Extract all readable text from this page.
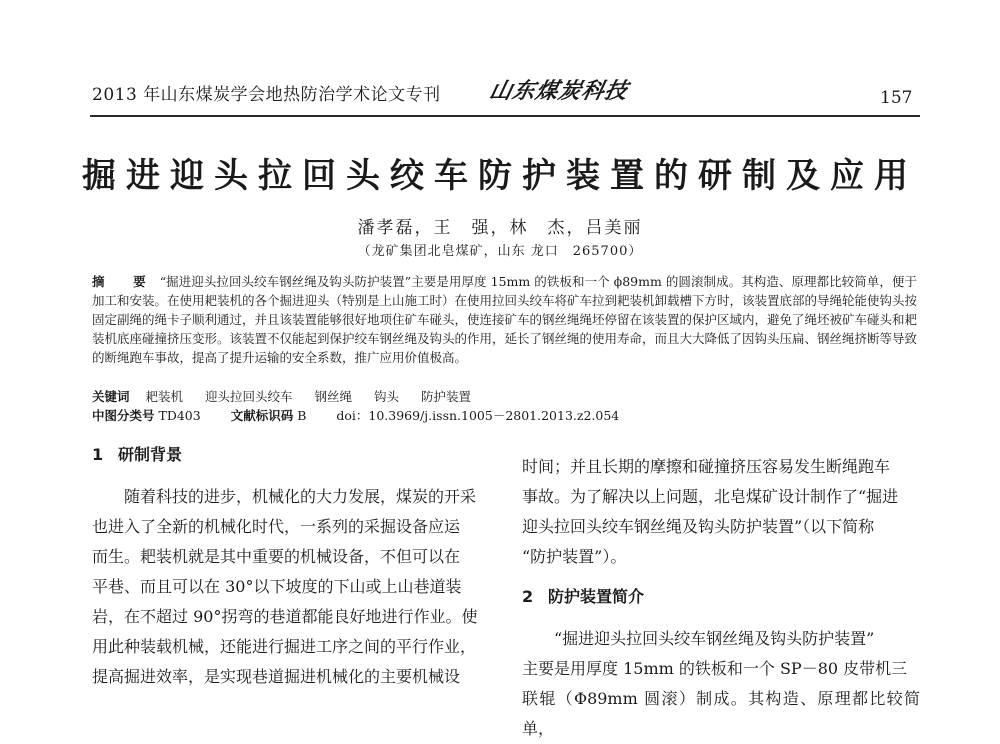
2013 年山东煤炭学会地热防治学术论文专刊 山东煤炭科技	157
掘进迎头拉回头绞车防护装置的研制及应用
潘孝磊，王　强，林　杰，吕美丽
（龙矿集团北皂煤矿，山东 龙口　265700）
摘　要 “掘进迎头拉回头绞车钢丝绳及钩头防护装置”主要是用厚度 15mm 的铁板和一个 ϕ89mm 的圆滚制成。其构造、原理都比较简单，便于加工和安装。在使用耙装机的各个掘进迎头（特别是上山施工时）在使用拉回头绞车将矿车拉到耙装机卸载槽下方时，该装置底部的导绳轮能使钩头按固定副绳的绳卡子顺利通过，并且该装置能够很好地项住矿车碰头，使连接矿车的钢丝绳绳坯停留在该装置的保护区域内，避免了绳坯被矿车碰头和耙装机底座碰撞挤压变形。该装置不仅能起到保护绞车钢丝绳及钩头的作用，延长了钢丝绳的使用寿命，而且大大降低了因钩头压扁、钢丝绳挤断等导致的断绳跑车事故，提高了提升运输的安全系数，推广应用价值极高。
关键词 耙装机 迎头拉回头绞车 钢丝绳 钩头 防护装置
中图分类号 TD403 文献标识码 B doi：10.3969/j.issn.1005－2801.2013.z2.054
1 研制背景

随着科技的进步，机械化的大力发展，煤炭的开采

也进入了全新的机械化时代，一系列的采掘设备应运

而生。耙装机就是其中重要的机械设备，不但可以在

平巷、而且可以在 30°以下坡度的下山或上山巷道装

岩，在不超过 90°拐弯的巷道都能良好地进行作业。使

用此种装载机械，还能进行掘进工序之间的平行作业，

提高掘进效率，是实现巷道掘进机械化的主要机械设

时间；并且长期的摩擦和碰撞挤压容易发生断绳跑车

事故。为了解决以上问题，北皂煤矿设计制作了“掘进

迎头拉回头绞车钢丝绳及钩头防护装置”（以下简称

“防护装置”）。

2 防护装置简介

“掘进迎头拉回头绞车钢丝绳及钩头防护装置”

主要是用厚度 15mm 的铁板和一个 SP－80 皮带机三

联辊（Φ89mm 圆滚）制成。其构造、原理都比较简单，
